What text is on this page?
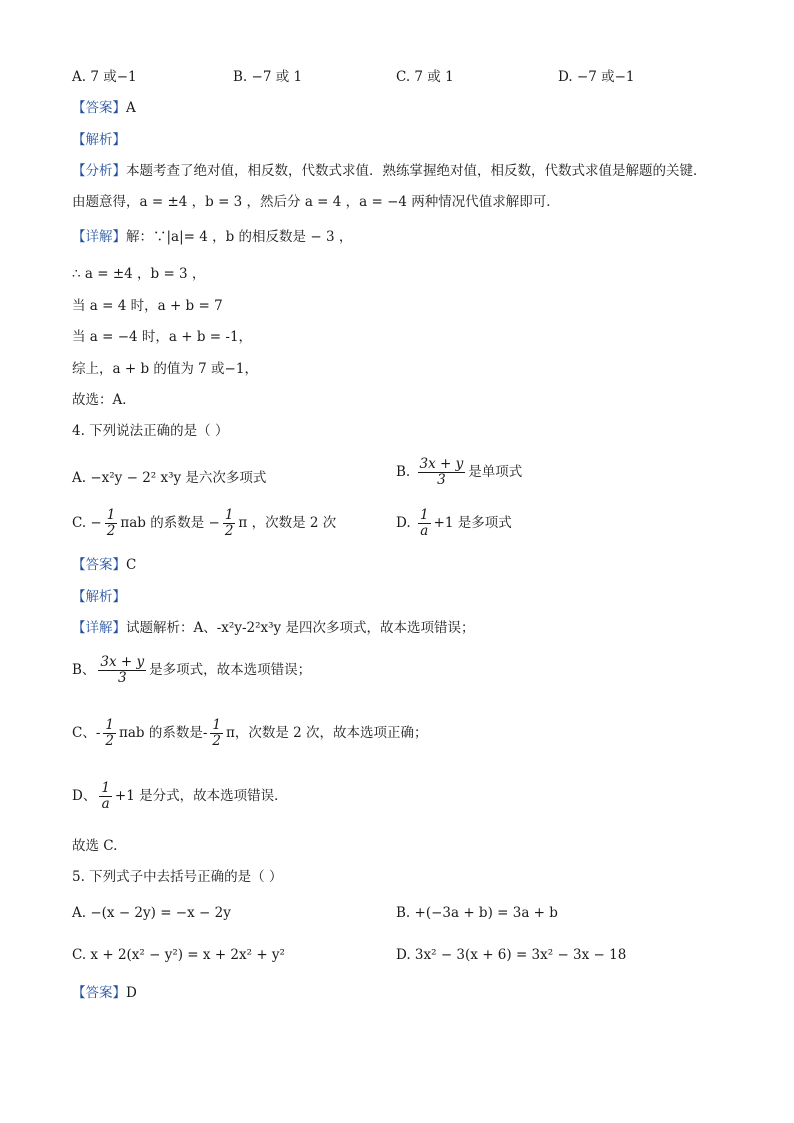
A. 7 或−1	B. −7 或 1	C. 7 或 1	D. −7 或−1
【答案】A
【解析】
【分析】本题考查了绝对值，相反数，代数式求值．熟练掌握绝对值，相反数，代数式求值是解题的关键．
由题意得，a = ±4 ，b = 3 ，然后分 a = 4 ，a = −4 两种情况代值求解即可．
【详解】解：∵|a|= 4 ，b 的相反数是 − 3 ，
∴ a = ±4 ，b = 3 ，
当 a = 4 时，a + b = 7
当 a = −4 时，a + b = -1，
综上，a + b 的值为 7 或−1，
故选：A．
4. 下列说法正确的是（ ）
A. −x²y − 2² x³y 是六次多项式	B. $\frac{3x + y}{3}$ 是单项式
C. − $\frac{1}{2}$ πab 的系数是 − $\frac{1}{2}$ π ，次数是 2 次	D. $\frac{1}{a} +1$ 是多项式
【答案】C
【解析】
【详解】试题解析：A、-x²y-2²x³y 是四次多项式，故本选项错误；
B、 $\frac{3x + y}{3}$ 是多项式，故本选项错误；
C、- $\frac{1}{2}$ πab 的系数是- $\frac{1}{2}$ π，次数是 2 次，故本选项正确；
D、 $\frac{1}{a} +1$ 是分式，故本选项错误．
故选 C.
5. 下列式子中去括号正确的是（ ）
A. −(x − 2y) = −x − 2y	B. +(−3a + b) = 3a + b
C. x + 2(x² − y²) = x + 2x² + y²	D. 3x² − 3(x + 6) = 3x² − 3x − 18
【答案】D
